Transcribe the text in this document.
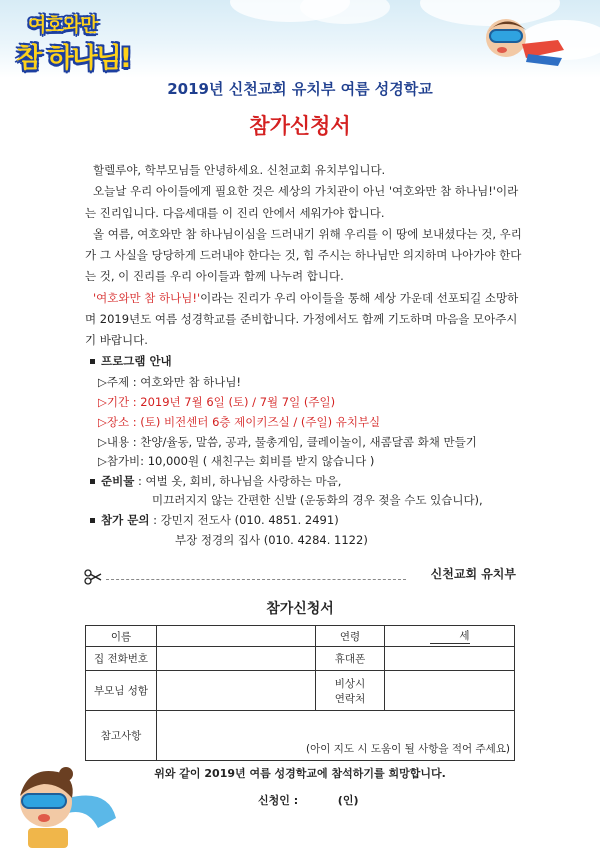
여호와만
참 하나님!
2019년 신천교회 유치부 여름 성경학교
참가신청서

할렐루야, 학부모님들 안녕하세요. 신천교회 유치부입니다.

오늘날 우리 아이들에게 필요한 것은 세상의 가치관이 아닌 '여호와만 참 하나님!'이라는 진리입니다. 다음세대를 이 진리 안에서 세워가야 합니다.

올 여름, 여호와만 참 하나님이심을 드러내기 위해 우리를 이 땅에 보내셨다는 것, 우리가 그 사실을 당당하게 드러내야 한다는 것, 힘 주시는 하나님만 의지하며 나아가야 한다는 것, 이 진리를 우리 아이들과 함께 나누려 합니다.

'여호와만 참 하나님!'이라는 진리가 우리 아이들을 통해 세상 가운데 선포되길 소망하며 2019년도 여름 성경학교를 준비합니다. 가정에서도 함께 기도하며 마음을 모아주시기 바랍니다.

프로그램 안내
▷주제 : 여호와만 참 하나님!
▷기간 : 2019년 7월 6일 (토) / 7월 7일 (주일)
▷장소 : (토) 비전센터 6층 제이키즈실 / (주일) 유치부실
▷내용 : 찬양/율동, 말씀, 공과, 물총게임, 클레이놀이, 새콤달콤 화채 만들기
▷참가비: 10,000원 ( 새친구는 회비를 받지 않습니다 )
준비물 : 여벌 옷, 회비, 하나님을 사랑하는 마음,
미끄러지지 않는 간편한 신발 (운동화의 경우 젖을 수도 있습니다),
참가 문의 : 강민지 전도사 (010. 4851. 2491)
부장 정경의 집사 (010. 4284. 1122)
신천교회 유치부
참가신청서
이름		연령	세
집 전화번호		휴대폰	
부모님 성함		비상시
연락처	
참고사항	(아이 지도 시 도움이 될 사항을 적어 주세요)		
위와 같이 2019년 여름 성경학교에 참석하기를 희망합니다.
신청인 :	(인)
